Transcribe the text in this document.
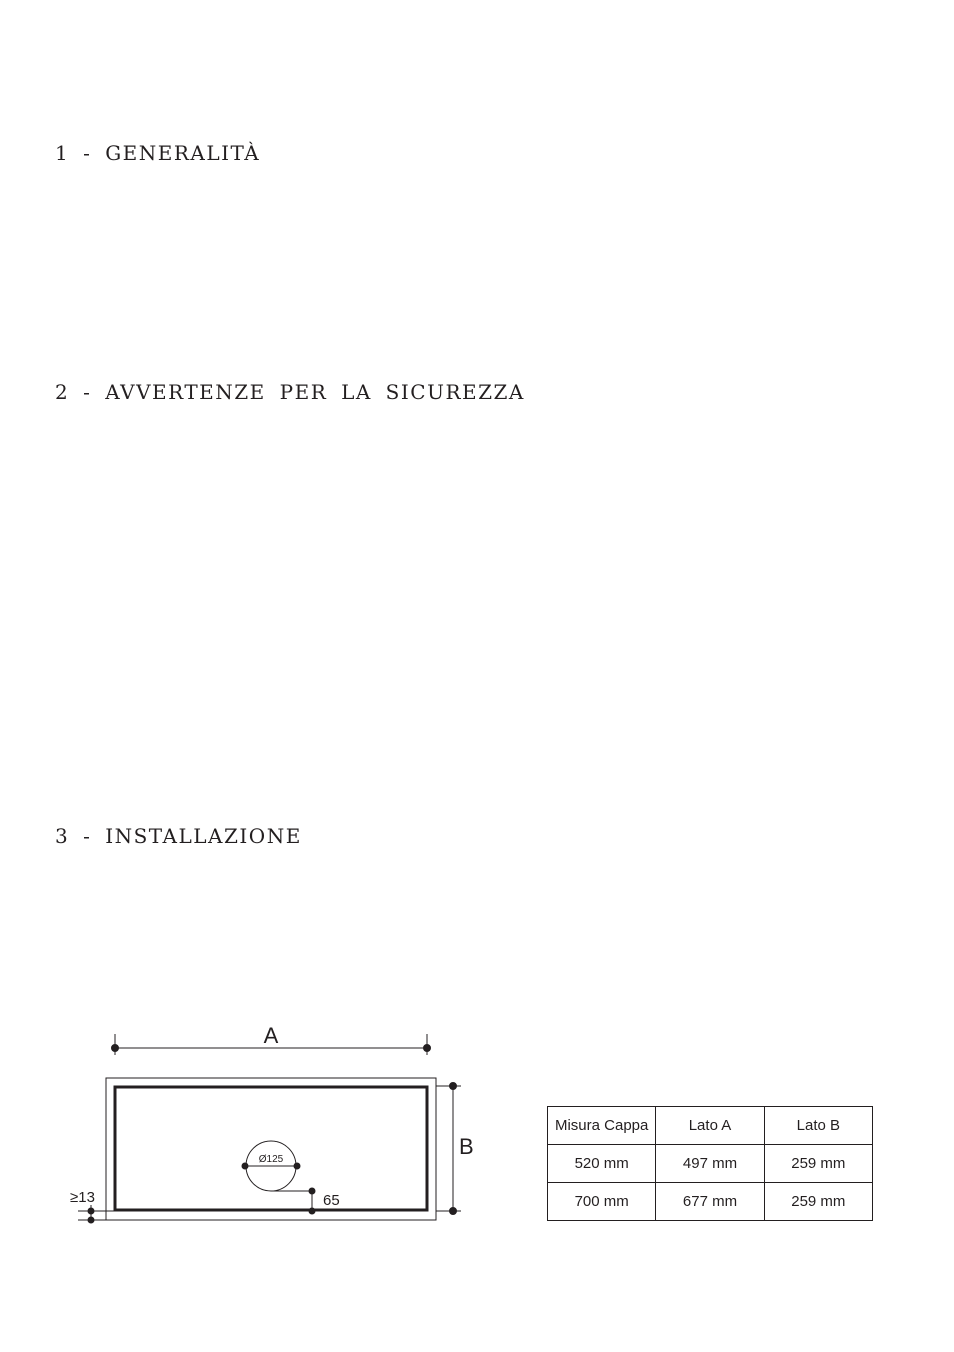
1 - GENERALITÀ
2 - AVVERTENZE PER LA SICUREZZA
3 - INSTALLAZIONE
A
B
Ø125
65
≥13
Misura Cappa	Lato A	Lato B
520 mm	497 mm	259 mm
700 mm	677 mm	259 mm
